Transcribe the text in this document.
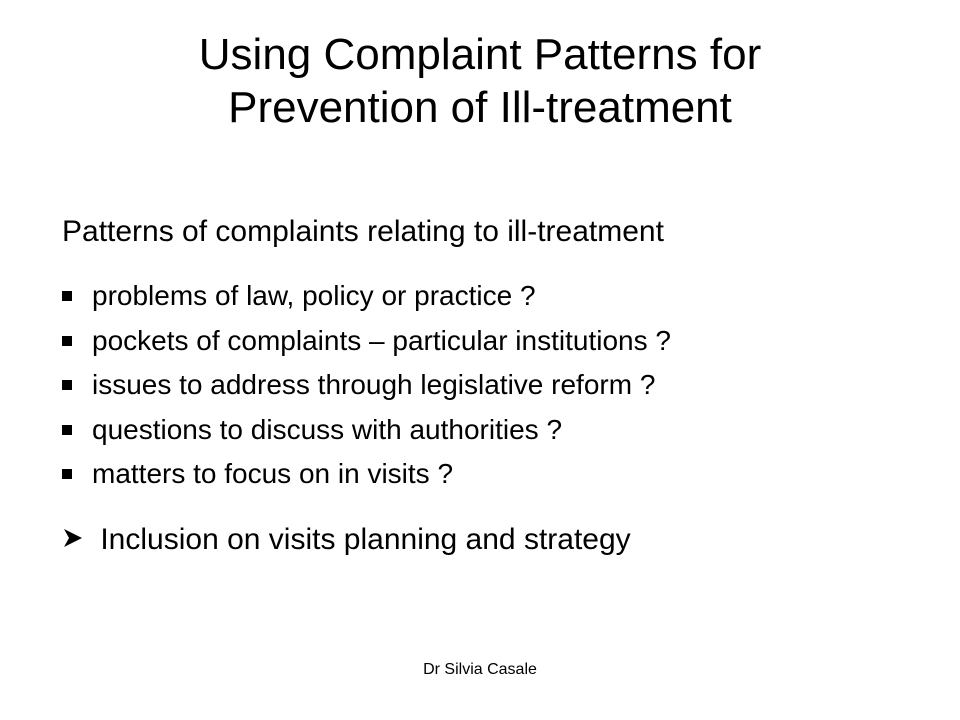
Using Complaint Patterns for
Prevention of Ill-treatment

Patterns of complaints relating to ill-treatment

problems of law, policy or practice ?
pockets of complaints – particular institutions ?
issues to address through legislative reform ?
questions to discuss with authorities ?
matters to focus on in visits ?
Inclusion on visits planning and strategy
Dr Silvia Casale
